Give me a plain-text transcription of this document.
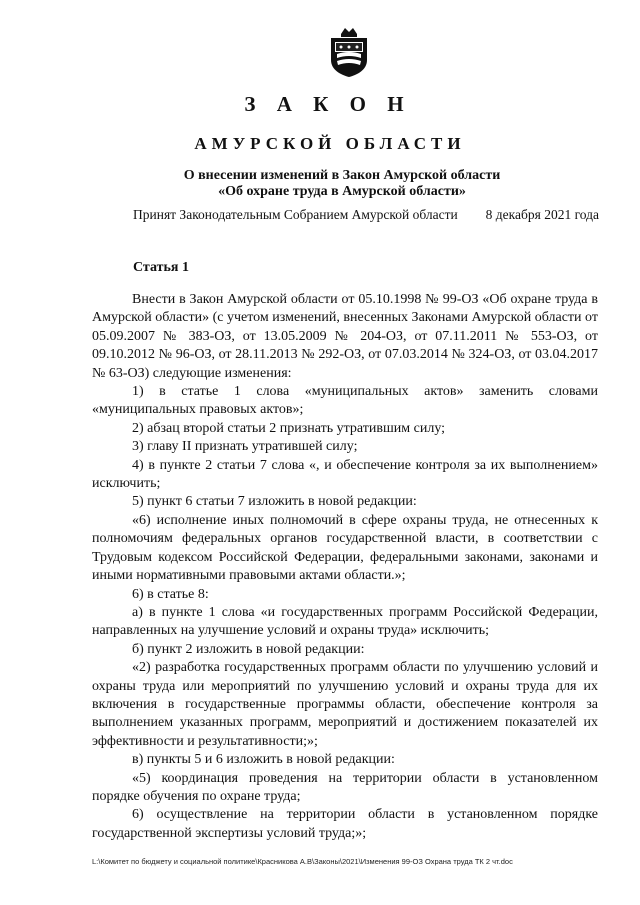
З А К О Н
АМУРСКОЙ ОБЛАСТИ
О внесении изменений в Закон Амурской области
«Об охране труда в Амурской области»
Принят Законодательным Собранием Амурской области 8 декабря 2021 года
Статья 1

Внести в Закон Амурской области от 05.10.1998 № 99-ОЗ «Об охране труда в Амурской области» (с учетом изменений, внесенных Законами Амурской области от 05.09.2007 № 383-ОЗ, от 13.05.2009 № 204-ОЗ, от 07.11.2011 № 553-ОЗ, от 09.10.2012 № 96-ОЗ, от 28.11.2013 № 292-ОЗ, от 07.03.2014 № 324-ОЗ, от 03.04.2017 № 63-ОЗ) следующие изменения:

1) в статье 1 слова «муниципальных актов» заменить словами «муниципальных правовых актов»;

2) абзац второй статьи 2 признать утратившим силу;

3) главу II признать утратившей силу;

4) в пункте 2 статьи 7 слова «, и обеспечение контроля за их выполнением» исключить;

5) пункт 6 статьи 7 изложить в новой редакции:

«6) исполнение иных полномочий в сфере охраны труда, не отнесенных к полномочиям федеральных органов государственной власти, в соответствии с Трудовым кодексом Российской Федерации, федеральными законами, законами и иными нормативными правовыми актами области.»;

6) в статье 8:

а) в пункте 1 слова «и государственных программ Российской Федерации, направленных на улучшение условий и охраны труда» исключить;

б) пункт 2 изложить в новой редакции:

«2) разработка государственных программ области по улучшению условий и охраны труда или мероприятий по улучшению условий и охраны труда для их включения в государственные программы области, обеспечение контроля за выполнением указанных программ, мероприятий и достижением показателей их эффективности и результативности;»;

в) пункты 5 и 6 изложить в новой редакции:

«5) координация проведения на территории области в установленном порядке обучения по охране труда;

6) осуществление на территории области в установленном порядке государственной экспертизы условий труда;»;

L:\Комитет по бюджету и социальной политике\Красникова А.В\Законы\2021\Изменения 99-ОЗ Охрана труда ТК 2 чт.doc
